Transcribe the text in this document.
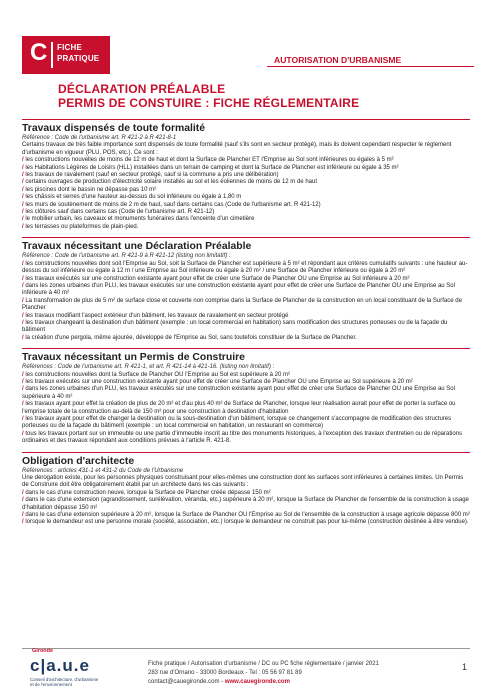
C FICHE
PRATIQUE	AUTORISATION D'URBANISME
DÉCLARATION PRÉALABLE
PERMIS DE CONSTUIRE : FICHE RÉGLEMENTAIRE
Travaux dispensés de toute formalité
Référence : Code de l'urbanisme art. R 421-2 à R 421-8-1
Certains travaux de très faible importance sont dispensés de toute formalité (sauf s'ils sont en secteur protégé), mais ils doivent cependant respecter le règlement d'urbanisme en vigueur (PLU, POS, etc.). Ce sont :
/ les constructions nouvelles de moins de 12 m de haut et dont la Surface de Plancher ET l'Emprise au Sol sont inférieures ou égales à 5 m²
/ les Habitations Légères de Loisirs (HLL) installées dans un terrain de camping et dont la Surface de Plancher est inférieure ou égale à 35 m²
/ les travaux de ravalement (sauf en secteur protégé, sauf si la commune a pris une délibération)
/ certains ouvrages de production d'électricité solaire installés au sol et les éoliennes de moins de 12 m de haut
/ les piscines dont le bassin ne dépasse pas 10 m²
/ les châssis et serres d'une hauteur au-dessus du sol inférieure ou égale à 1,80 m
/ les murs de soutènement de moins de 2 m de haut, sauf dans certains cas (Code de l'urbanisme art. R 421-12)
/ les clôtures sauf dans certains cas (Code de l'urbanisme art. R 421-12)
/ le mobilier urbain, les caveaux et monuments funéraires dans l'enceinte d'un cimetière
/ les terrasses ou plateformes de plain-pied.
Travaux nécessitant une Déclaration Préalable
Référence : Code de l'urbanisme art. R 421-9 à R 421-12 (listing non limitatif) :
/ les constructions nouvelles dont soit l'Emprise au Sol, soit la Surface de Plancher est supérieure à 5 m² et répondant aux critères cumulatifs suivants : une hauteur au-dessus du sol inférieure ou égale à 12 m / une Emprise au Sol inférieure ou égale à 20 m² / une Surface de Plancher inférieure ou égale à 20 m²
/ les travaux exécutés sur une construction existante ayant pour effet de créer une Surface de Plancher OU une Emprise au Sol inférieure à 20 m²
/ dans les zones urbaines d'un PLU, les travaux exécutés sur une construction existante ayant pour effet de créer une Surface de Plancher OU une Emprise au Sol inférieure à 40 m²
/ La transformation de plus de 5 m² de surface close et couverte non comprise dans la Surface de Plancher de la construction en un local constituant de la Surface de Plancher
/ les travaux modifiant l'aspect extérieur d'un bâtiment, les travaux de ravalement en secteur protégé
/ les travaux changeant la destination d'un bâtiment (exemple : un local commercial en habitation) sans modification des structures porteuses ou de la façade du bâtiment
/ la création d'une pergola, même ajourée, développe de l'Emprise au Sol, sans toutefois constituer de la Surface de Plancher.
Travaux nécessitant un Permis de Construire
Références : Code de l'urbanisme art. R 421-1, et art. R 421-14 à 421-16. (listing non limitatif) :
/ les constructions nouvelles dont la Surface de Plancher OU l'Emprise au Sol est supérieure à 20 m²
/ les travaux exécutés sur une construction existante ayant pour effet de créer une Surface de Plancher OU une Emprise au Sol supérieure à 20 m²
/ dans les zones urbaines d'un PLU, les travaux exécutés sur une construction existante ayant pour effet de créer une Surface de Plancher OU une Emprise au Sol supérieure à 40 m²
/ les travaux ayant pour effet la création de plus de 20 m² et d'au plus 40 m² de Surface de Plancher, lorsque leur réalisation aurait pour effet de porter la surface ou l'emprise totale de la construction au-delà de 150 m² pour une construction à destination d'habitation
/ les travaux ayant pour effet de changer la destination ou la sous-destination d'un bâtiment, lorsque ce changement s'accompagne de modification des structures porteuses ou de la façade du bâtiment (exemple : un local commercial en habitation, un restaurant en commerce)
/ tous les travaux portant sur un immeuble ou une partie d'immeuble inscrit au titre des monuments historiques, à l'exception des travaux d'entretien ou de réparations ordinaires et des travaux répondant aux conditions prévues à l'article R. 421-8.
Obligation d'architecte
Références : articles 431-1 et 431-2 du Code de l'Urbanisme
Une dérogation existe, pour les personnes physiques construisant pour elles-mêmes une construction dont les surfaces sont inférieures à certaines limites. Un Permis de Construire doit être obligatoirement établi par un architecte dans les cas suivants :
/ dans le cas d'une construction neuve, lorsque la Surface de Plancher créée dépasse 150 m²
/ dans le cas d'une extension (agrandissement, surélévation, véranda, etc.) supérieure à 20 m², lorsque la Surface de Plancher de l'ensemble de la construction à usage d'habitation dépasse 150 m²
/ dans le cas d'une extension supérieure à 20 m², lorsque la Surface de Plancher OU l'Emprise au Sol de l'ensemble de la construction à usage agricole dépasse 800 m²
/ lorsque le demandeur est une personne morale (société, association, etc.) lorsque le demandeur ne construit pas pour lui-même (construction destinée à être vendue).
Gironde
c|a.u.e
Conseil d'architecture, d'urbanisme
et de l'environnement
Fiche pratique / Autorisation d'urbanisme / DC ou PC fiche réglementaire / janvier 2021
283 rue d'Ornano - 33000 Bordeaux - Tel : 05 56 97 81 89
contact@cauegironde.com - www.cauegironde.com
1
